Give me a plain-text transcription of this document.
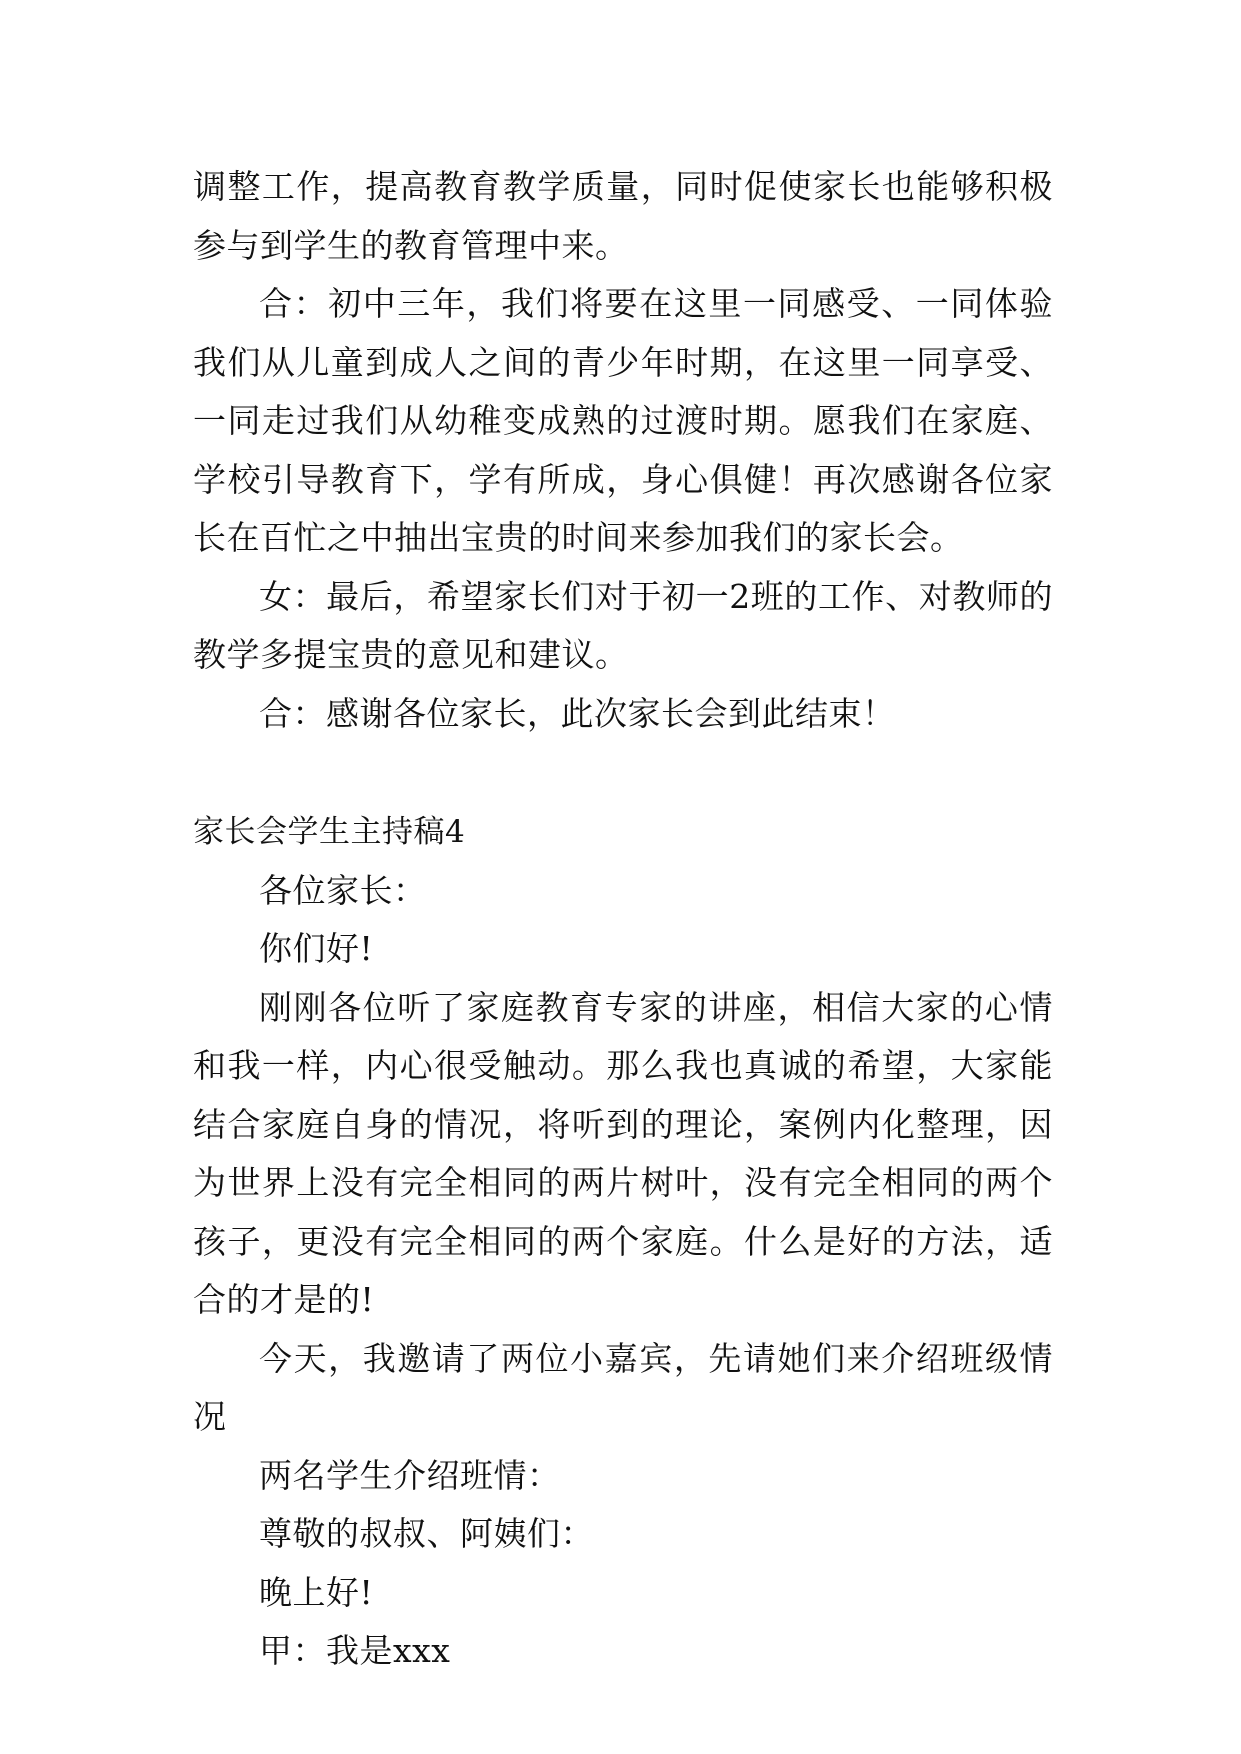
调整工作，提高教育教学质量，同时促使家长也能够积极参与到学生的教育管理中来。

合：初中三年，我们将要在这里一同感受、一同体验我们从儿童到成人之间的青少年时期，在这里一同享受、一同走过我们从幼稚变成熟的过渡时期。愿我们在家庭、学校引导教育下，学有所成，身心俱健！再次感谢各位家长在百忙之中抽出宝贵的时间来参加我们的家长会。

女：最后，希望家长们对于初一2班的工作、对教师的教学多提宝贵的意见和建议。

合：感谢各位家长，此次家长会到此结束！

家长会学生主持稿4

各位家长：

你们好!

刚刚各位听了家庭教育专家的讲座，相信大家的心情和我一样，内心很受触动。那么我也真诚的希望，大家能结合家庭自身的情况，将听到的理论，案例内化整理，因为世界上没有完全相同的两片树叶，没有完全相同的两个孩子，更没有完全相同的两个家庭。什么是好的方法，适合的才是的!

今天，我邀请了两位小嘉宾，先请她们来介绍班级情况

两名学生介绍班情：

尊敬的叔叔、阿姨们：

晚上好!

甲：我是xxx
